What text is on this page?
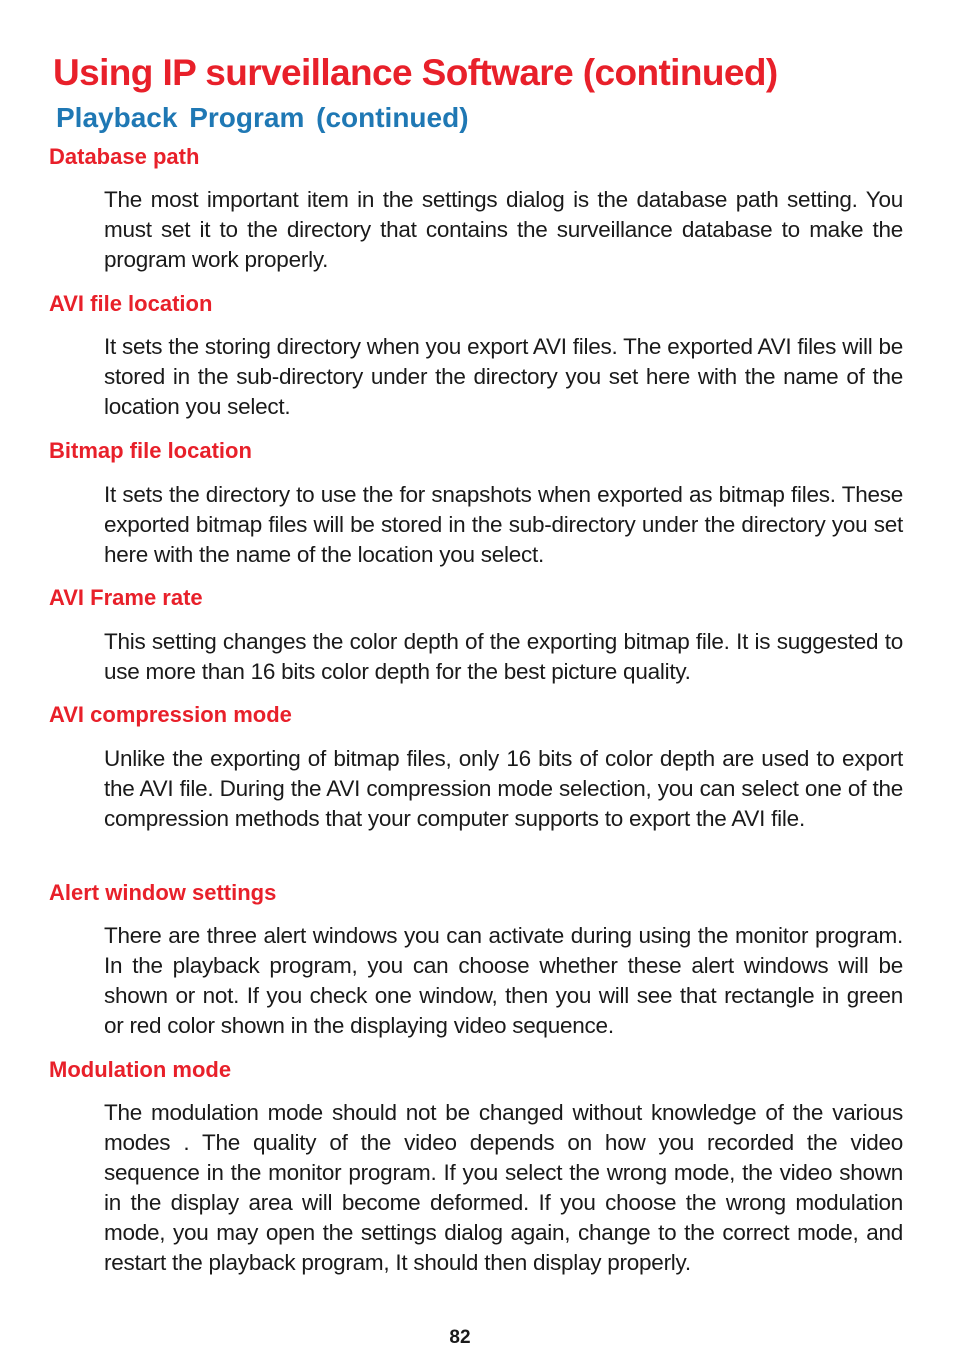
Using IP surveillance Software (continued)
Playback Program (continued)
Database path

The most important item in the settings dialog is the database path setting. You must set it to the directory that contains the surveillance database to make the program work properly.

AVI file location

It sets the storing directory when you export AVI files. The exported AVI files will be stored in the sub-directory under the directory you set here with the name of the location you select.

Bitmap file location

It sets the directory to use the for snapshots when exported as bitmap files. These exported bitmap files will be stored in the sub-directory under the directory you set here with the name of the location you select.

AVI Frame rate

This setting changes the color depth of the exporting bitmap file. It is suggested to use more than 16 bits color depth for the best picture quality.

AVI compression mode

Unlike the exporting of bitmap files, only 16 bits of color depth are used to export the AVI file. During the AVI compression mode selection, you can select one of the compression methods that your computer supports to export the AVI file.

Alert window settings

There are three alert windows you can activate during using the monitor program. In the playback program, you can choose whether these alert windows will be shown or not. If you check one window, then you will see that rectangle in green or red color shown in the displaying video sequence.

Modulation mode

The modulation mode should not be changed without knowledge of the various modes . The quality of the video depends on how you recorded the video sequence in the monitor program. If you select the wrong mode, the video shown in the display area will become deformed. If you choose the wrong modulation mode, you may open the settings dialog again, change to the correct mode, and restart the playback program, It should then display properly.

82
